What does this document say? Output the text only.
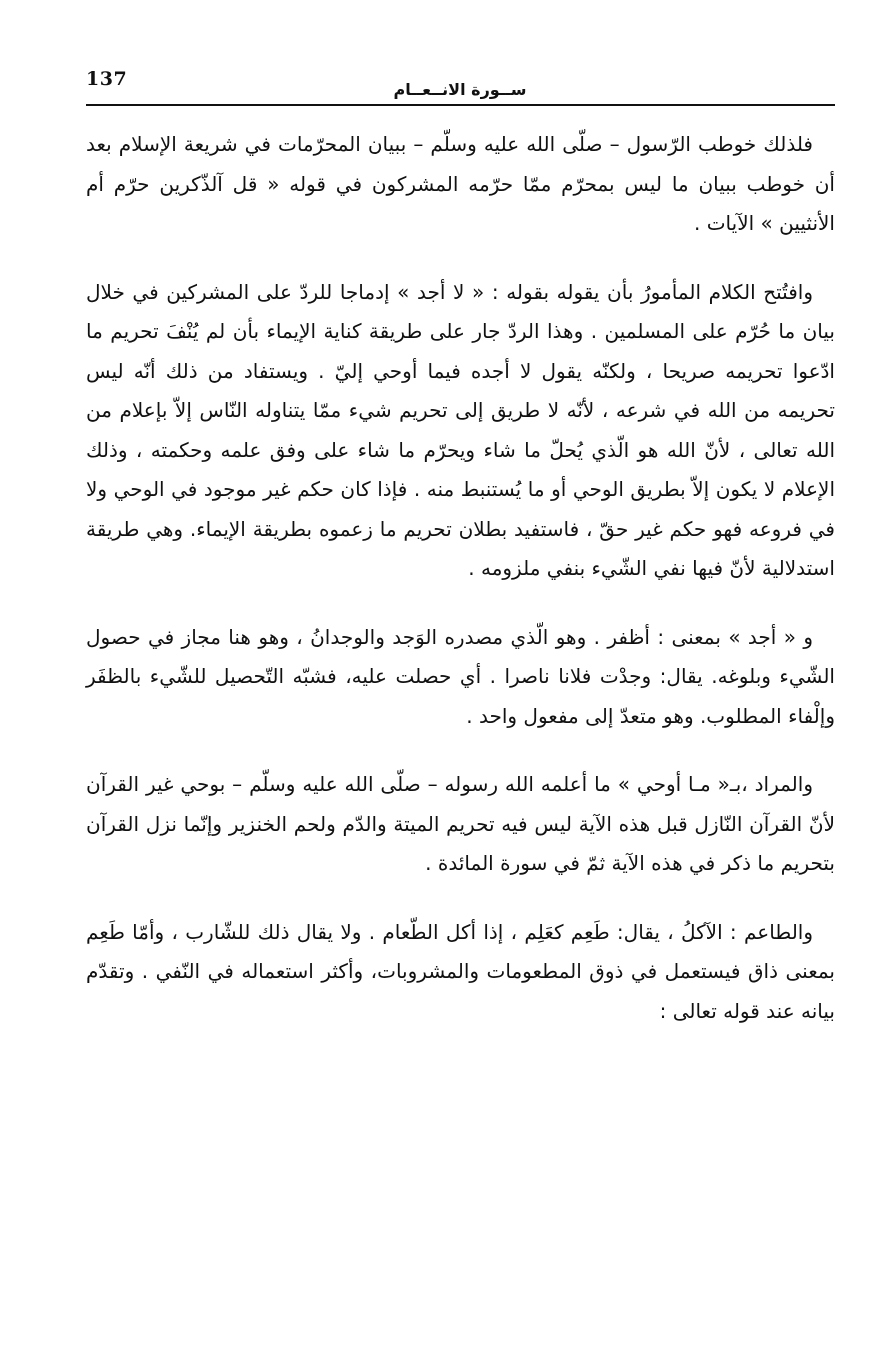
137	ســورة الانــعــام

فلذلك خوطب الرّسول – صلّى الله عليه وسلّم – ببيان المحرّمات في شريعة الإسلام بعد أن خوطب ببيان ما ليس بمحرّم ممّا حرّمه المشركون في قوله « قل آلذّكرين حرّم أم الأنثيين » الآيات .

وافتُتح الكلام المأمورُ بأن يقوله بقوله : « لا أجد » إدماجا للردّ على المشركين في خلال بيان ما حُرّم على المسلمين . وهذا الردّ جار على طريقة كناية الإيماء بأن لم يُنْفَ تحريم ما ادّعوا تحريمه صريحا ، ولكنّه يقول لا أجده فيما أوحي إليّ . ويستفاد من ذلك أنّه ليس تحريمه من الله في شرعه ، لأنّه لا طريق إلى تحريم شيء ممّا يتناوله النّاس إلاّ بإعلام من الله تعالى ، لأنّ الله هو الّذي يُحلّ ما شاء ويحرّم ما شاء على وفق علمه وحكمته ، وذلك الإعلام لا يكون إلاّ بطريق الوحي أو ما يُستنبط منه . فإذا كان حكم غير موجود في الوحي ولا في فروعه فهو حكم غير حقّ ، فاستفيد بطلان تحريم ما زعموه بطريقة الإيماء. وهي طريقة استدلالية لأنّ فيها نفي الشّيء بنفي ملزومه .

و « أجد » بمعنى : أظفر . وهو الّذي مصدره الوَجد والوجدانُ ، وهو هنا مجاز في حصول الشّيء وبلوغه. يقال: وجدْت فلانا ناصرا . أي حصلت عليه، فشبّه التّحصيل للشّيء بالظفَر وإلْفاء المطلوب. وهو متعدّ إلى مفعول واحد .

والمراد ،بـ« مـا أوحي » ما أعلمه الله رسوله – صلّى الله عليه وسلّم – بوحي غير القرآن لأنّ القرآن النّازل قبل هذه الآية ليس فيه تحريم الميتة والدّم ولحم الخنزير وإنّما نزل القرآن بتحريم ما ذكر في هذه الآية ثمّ في سورة المائدة .

والطاعم : الآكلُ ، يقال: طَعِم كعَلِم ، إذا أكل الطّعام . ولا يقال ذلك للشّارب ، وأمّا طَعِم بمعنى ذاق فيستعمل في ذوق المطعومات والمشروبات، وأكثر استعماله في النّفي . وتقدّم بيانه عند قوله تعالى :
